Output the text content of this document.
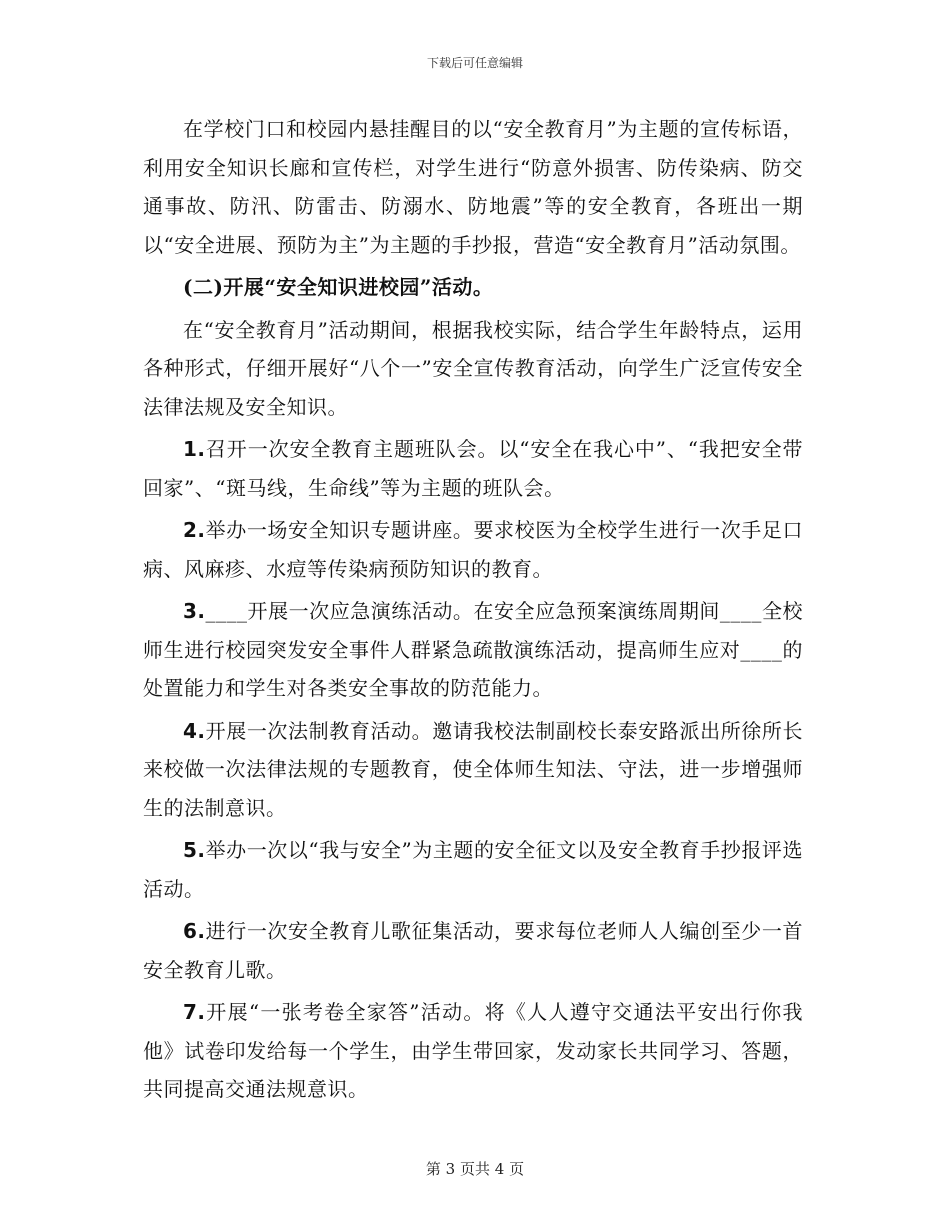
下载后可任意编辑

在学校门口和校园内悬挂醒目的以“安全教育月”为主题的宣传标语，利用安全知识长廊和宣传栏，对学生进行“防意外损害、防传染病、防交通事故、防汛、防雷击、防溺水、防地震”等的安全教育，各班出一期以“安全进展、预防为主”为主题的手抄报，营造“安全教育月”活动氛围。

(二)开展“安全知识进校园”活动。

在“安全教育月”活动期间，根据我校实际，结合学生年龄特点，运用各种形式，仔细开展好“八个一”安全宣传教育活动，向学生广泛宣传安全法律法规及安全知识。

1.召开一次安全教育主题班队会。以“安全在我心中”、“我把安全带回家”、“斑马线，生命线”等为主题的班队会。

2.举办一场安全知识专题讲座。要求校医为全校学生进行一次手足口病、风麻疹、水痘等传染病预防知识的教育。

3.____开展一次应急演练活动。在安全应急预案演练周期间____全校师生进行校园突发安全事件人群紧急疏散演练活动，提高师生应对____的处置能力和学生对各类安全事故的防范能力。

4.开展一次法制教育活动。邀请我校法制副校长泰安路派出所徐所长来校做一次法律法规的专题教育，使全体师生知法、守法，进一步增强师生的法制意识。

5.举办一次以“我与安全”为主题的安全征文以及安全教育手抄报评选活动。

6.进行一次安全教育儿歌征集活动，要求每位老师人人编创至少一首安全教育儿歌。

7.开展“一张考卷全家答”活动。将《人人遵守交通法平安出行你我他》试卷印发给每一个学生，由学生带回家，发动家长共同学习、答题，共同提高交通法规意识。

第 3 页共 4 页
